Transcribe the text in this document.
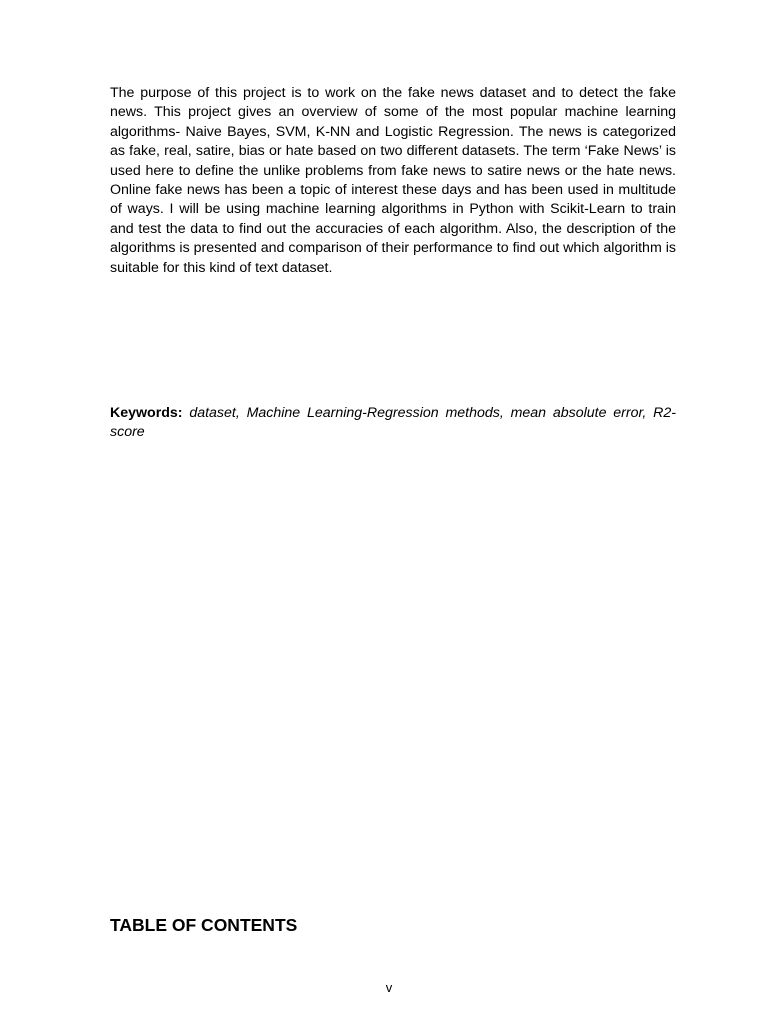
The purpose of this project is to work on the fake news dataset and to detect the fake news. This project gives an overview of some of the most popular machine learning algorithms- Naive Bayes, SVM, K-NN and Logistic Regression. The news is categorized as fake, real, satire, bias or hate based on two different datasets. The term ‘Fake News’ is used here to define the unlike problems from fake news to satire news or the hate news. Online fake news has been a topic of interest these days and has been used in multitude of ways. I will be using machine learning algorithms in Python with Scikit-Learn to train and test the data to find out the accuracies of each algorithm. Also, the description of the algorithms is presented and comparison of their performance to find out which algorithm is suitable for this kind of text dataset.

Keywords: dataset, Machine Learning-Regression methods, mean absolute error, R2-score

TABLE OF CONTENTS
v
